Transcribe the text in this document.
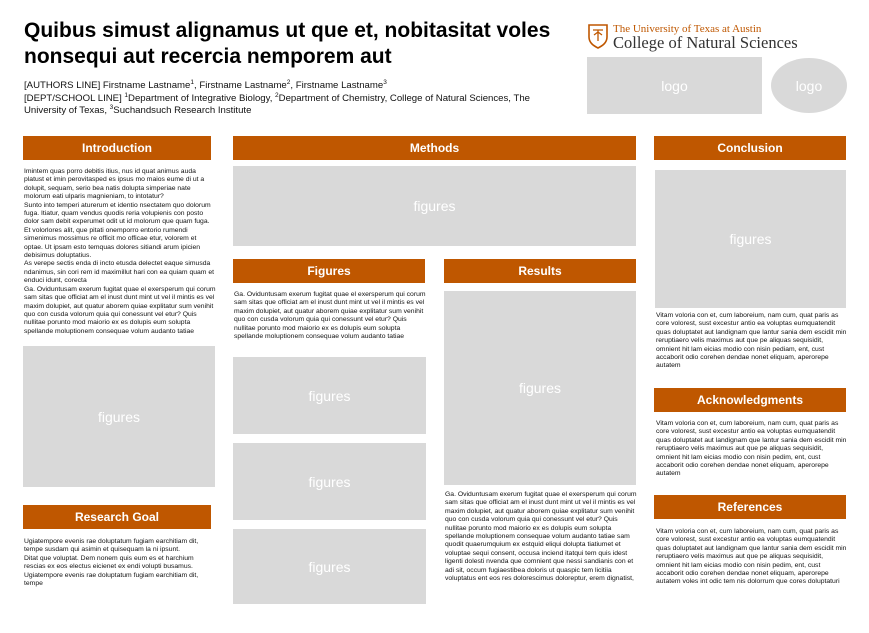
Quibus simust alignamus ut que et, nobitasitat voles nonsequi aut recercia nemporem aut
[AUTHORS LINE] Firstname Lastname$^1$, Firstname Lastname$^2$, Firstname Lastname$^3$
[DEPT/SCHOOL LINE] $^1$Department of Integrative Biology, $^2$Department of Chemistry, College of Natural Sciences, The University of Texas, $^3$Suchandsuch Research Institute
The University of Texas at Austin
College of Natural Sciences
logo	logo
Introduction
Imintem quas porro debitis itius, nus id quat animus auda platust et imin perovitasped es ipsus mo maios eume di ut a dolupit, sequam, serio bea natis dolupta simperiae nate molorum eati ulparis magnieniam, to intotatur?
Sunto into temperi aturerum et identio nsectatem quo dolorum fuga. Itiatur, quam vendus quodis reria volupienis con posto dolor sam debit experumet odit ut id molorum que quam fuga. Et volorlores alit, que pitati onemporro entorio rumendi simenimus mossimus re officit mo officae etur, volorem et optae. Ut ipsam esto temquas dolores sitiandi arum ipicien debisimus doluptatius.
As verepe sectis enda di incto etusda delectet eaque simusda ndanimus, sin cori rem id maximillut hari con ea quiam quam et enduci idunt, corecta
Ga. Oviduntusam exerum fugitat quae el exersperum qui corum sam sitas que officiat am el inust dunt mint ut vel il mintis es vel maxim dolupiet, aut quatur aborem quiae explitatur sum venihit quo con cusda volorum quia qui conessunt vel etur? Quis nullitae porunto mod maiorio ex es dolupis eum solupta spellande moluptionem consequae volum audanto tatiae
figures
Research Goal
Ugiatempore evenis rae doluptatum fugiam earchitiam dit, tempe susdam qui asimin et quisequam la ni ipsunt.
Ditat que voluptat. Dem nonem quis eum es et harchium rescias ex eos electus eicienet ex endi volupti busamus.
Ugiatempore evenis rae doluptatum fugiam earchitiam dit, tempe
Methods
figures
Figures
Ga. Oviduntusam exerum fugitat quae el exersperum qui corum sam sitas que officiat am el inust dunt mint ut vel il mintis es vel maxim dolupiet, aut quatur aborem quiae explitatur sum venihit quo con cusda volorum quia qui conessunt vel etur? Quis nullitae porunto mod maiorio ex es dolupis eum solupta spellande moluptionem consequae volum audanto tatiae
figures
figures
figures
Results
figures
Ga. Oviduntusam exerum fugitat quae el exersperum qui corum sam sitas que officiat am el inust dunt mint ut vel il mintis es vel maxim dolupiet, aut quatur aborem quiae explitatur sum venihit quo con cusda volorum quia qui conessunt vel etur? Quis nullitae porunto mod maiorio ex es dolupis eum solupta spellande moluptionem consequae volum audanto tatiae sam quodit quaerumquium ex estquid eliqui dolupta tiatiumet et voluptae sequi consent, occusa inciend itatqui tem quis idest ligenti dolesti nvenda que comnient que nessi sandianis con et adi sit, occum fugiaestibea doloris ut quaspic tem licitiia voluptatus ent eos res dolorescimus doloreptur, erem dignatist,
Conclusion
figures
Vitam voloria con et, cum laboreium, nam cum, quat paris as core volorest, sust excestur antio ea voluptas eumquatendit quas doluptatet aut landignam que lantur sania dem escidit min reruptiaero velis maximus aut que pe aliquas sequisidit, omnient hit lam eicias modio con nisin pediam, ent, cust accaborit odio corehen dendae nonet eliquam, aperorepe autatem
Acknowledgments
Vitam voloria con et, cum laboreium, nam cum, quat paris as core volorest, sust excestur antio ea voluptas eumquatendit quas doluptatet aut landignam que lantur sania dem escidit min reruptiaero velis maximus aut que pe aliquas sequisidit, omnient hit lam eicias modio con nisin pedim, ent, cust accaborit odio corehen dendae nonet eliquam, aperorepe autatem
References
Vitam voloria con et, cum laboreium, nam cum, quat paris as core volorest, sust excestur antio ea voluptas eumquatendit quas doluptatet aut landignam que lantur sania dem escidit min reruptiaero velis maximus aut que pe aliquas sequisidit, omnient hit lam eicias modio con nisin pedim, ent, cust accaborit odio corehen dendae nonet eliquam, aperorepe autatem voles int odic tem nis dolorrum que cores doluptaturi
